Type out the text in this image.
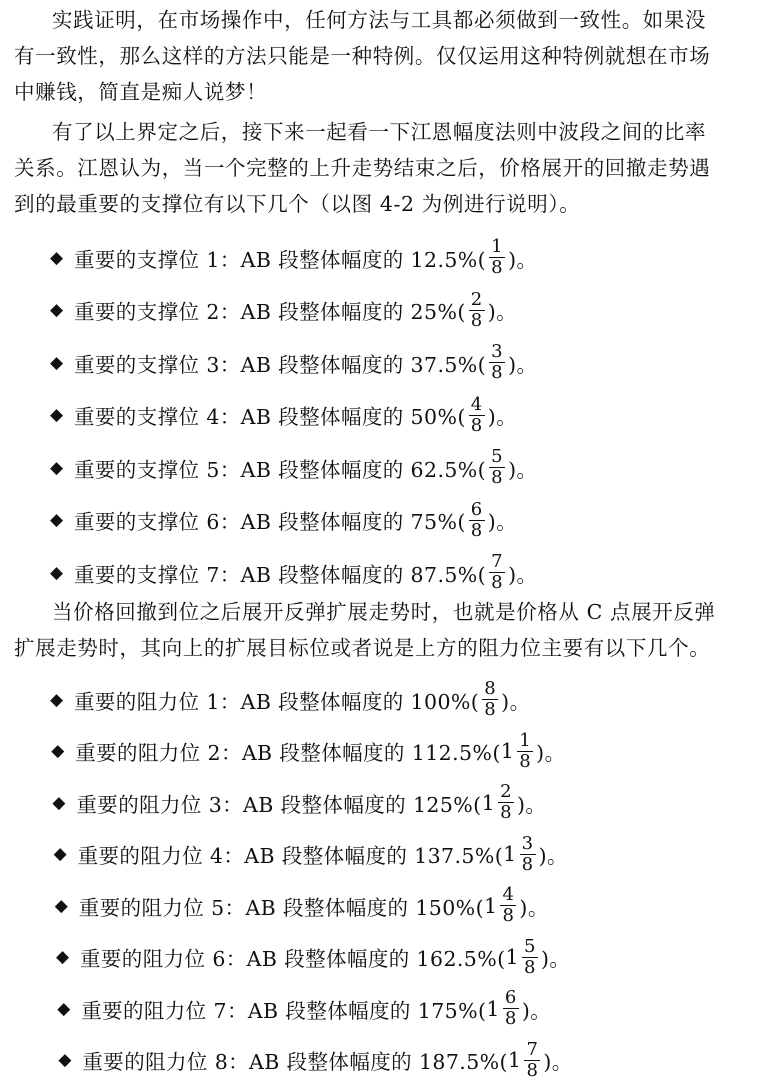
实践证明，在市场操作中，任何方法与工具都必须做到一致性。如果没
有一致性，那么这样的方法只能是一种特例。仅仅运用这种特例就想在市场
中赚钱，简直是痴人说梦！
有了以上界定之后，接下来一起看一下江恩幅度法则中波段之间的比率
关系。江恩认为，当一个完整的上升走势结束之后，价格展开的回撤走势遇
到的最重要的支撑位有以下几个（以图 4-2 为例进行说明）。
◆ 重要的支撑位 1：AB 段整体幅度的 $12.5\%( \frac{1}{8}$ )。
◆ 重要的支撑位 2：AB 段整体幅度的 $25\%( \frac{2}{8}$ )。
◆ 重要的支撑位 3：AB 段整体幅度的 $37.5\%( \frac{3}{8}$ )。
◆ 重要的支撑位 4：AB 段整体幅度的 $50\%( \frac{4}{8}$ )。
◆ 重要的支撑位 5：AB 段整体幅度的 $62.5\%( \frac{5}{8}$ )。
◆ 重要的支撑位 6：AB 段整体幅度的 $75\%( \frac{6}{8}$ )。
◆ 重要的支撑位 7：AB 段整体幅度的 $87.5\%( \frac{7}{8}$ )。
当价格回撤到位之后展开反弹扩展走势时，也就是价格从 C 点展开反弹
扩展走势时，其向上的扩展目标位或者说是上方的阻力位主要有以下几个。
◆ 重要的阻力位 1：AB 段整体幅度的 $100\%( \frac{8}{8}$ )。
◆ 重要的阻力位 2：AB 段整体幅度的 112.5%( $1 \frac{1}{8}$ )。
◆ 重要的阻力位 3：AB 段整体幅度的 125%( $1 \frac{2}{8}$ )。
◆ 重要的阻力位 4：AB 段整体幅度的 137.5%( $1 \frac{3}{8}$ )。
◆ 重要的阻力位 5：AB 段整体幅度的 150%( $1 \frac{4}{8}$ )。
◆ 重要的阻力位 6：AB 段整体幅度的 162.5%( $1 \frac{5}{8}$ )。
◆ 重要的阻力位 7：AB 段整体幅度的 175%( $1 \frac{6}{8}$ )。
◆ 重要的阻力位 8：AB 段整体幅度的 187.5%( $1 \frac{7}{8}$ )。
